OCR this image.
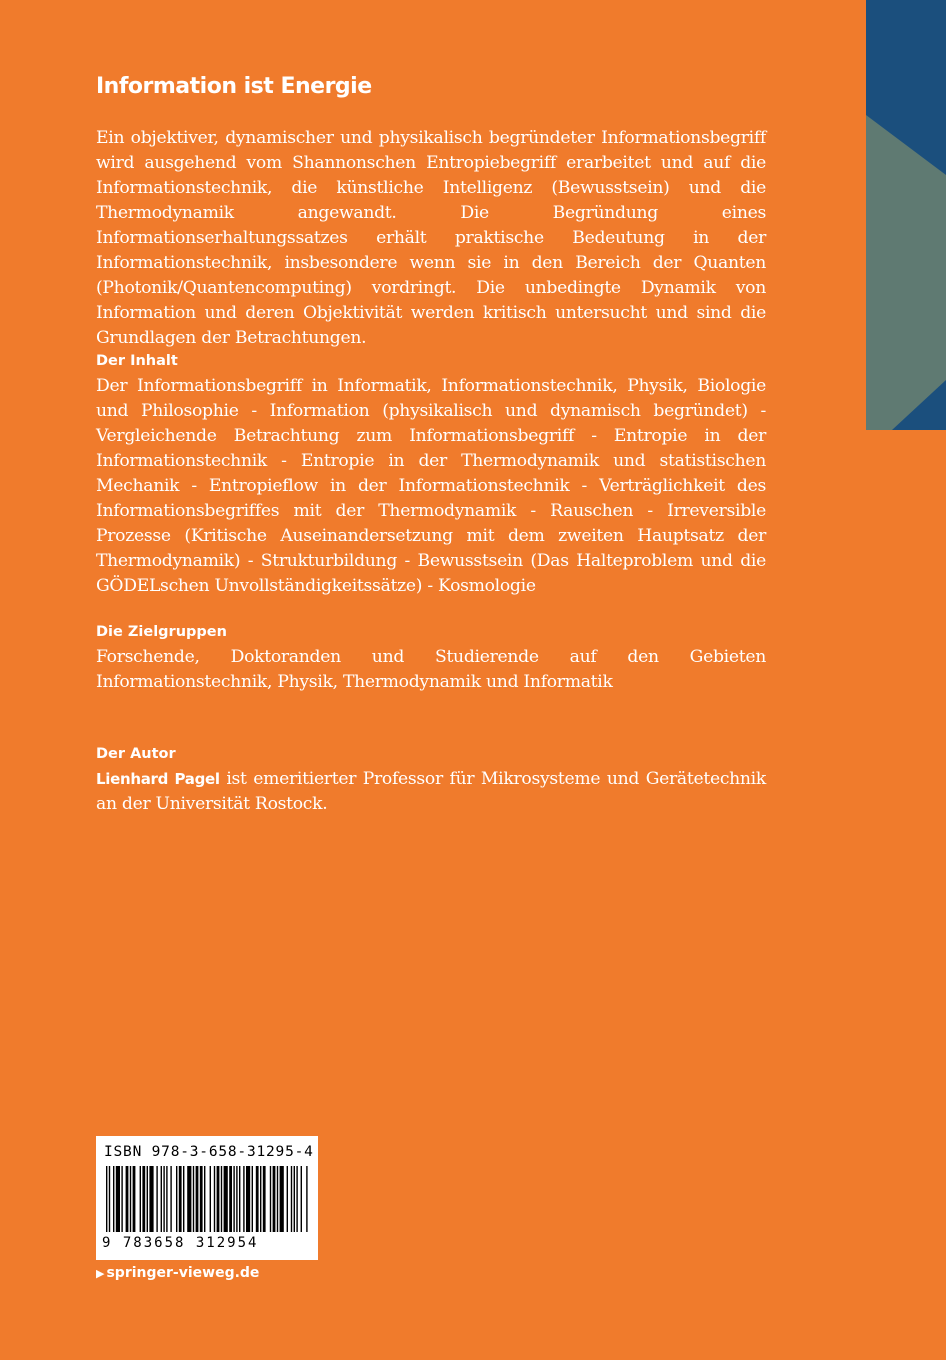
Information ist Energie

Ein objektiver, dynamischer und physikalisch begründeter Informationsbegriff wird ausgehend vom Shannonschen Entropiebegriff erarbeitet und auf die Informationstechnik, die künstliche Intelligenz (Bewusstsein) und die Thermodynamik angewandt. Die Begründung eines Informationserhaltungssatzes erhält praktische Bedeutung in der Informationstechnik, insbesondere wenn sie in den Bereich der Quanten (Photonik/Quantencomputing) vordringt. Die unbedingte Dynamik von Information und deren Objektivität werden kritisch untersucht und sind die Grundlagen der Betrachtungen.

Der Inhalt

Der Informationsbegriff in Informatik, Informationstechnik, Physik, Biologie und Philosophie - Information (physikalisch und dynamisch begründet) - Vergleichende Betrachtung zum Informationsbegriff - Entropie in der Informationstechnik - Entropie in der Thermodynamik und statistischen Mechanik - Entropieflow in der Informationstechnik - Verträglichkeit des Informationsbegriffes mit der Thermodynamik - Rauschen - Irreversible Prozesse (Kritische Auseinandersetzung mit dem zweiten Hauptsatz der Thermodynamik) - Strukturbildung - Bewusstsein (Das Halteproblem und die GÖDELschen Unvollständigkeitssätze) - Kosmologie

Die Zielgruppen

Forschende, Doktoranden und Studierende auf den Gebieten Informationstechnik, Physik, Thermodynamik und Informatik

Der Autor

Lienhard Pagel ist emeritierter Professor für Mikrosysteme und Gerätetechnik an der Universität Rostock.

ISBN 978-3-658-31295-4

9 783658 312954

▶ springer-vieweg.de
